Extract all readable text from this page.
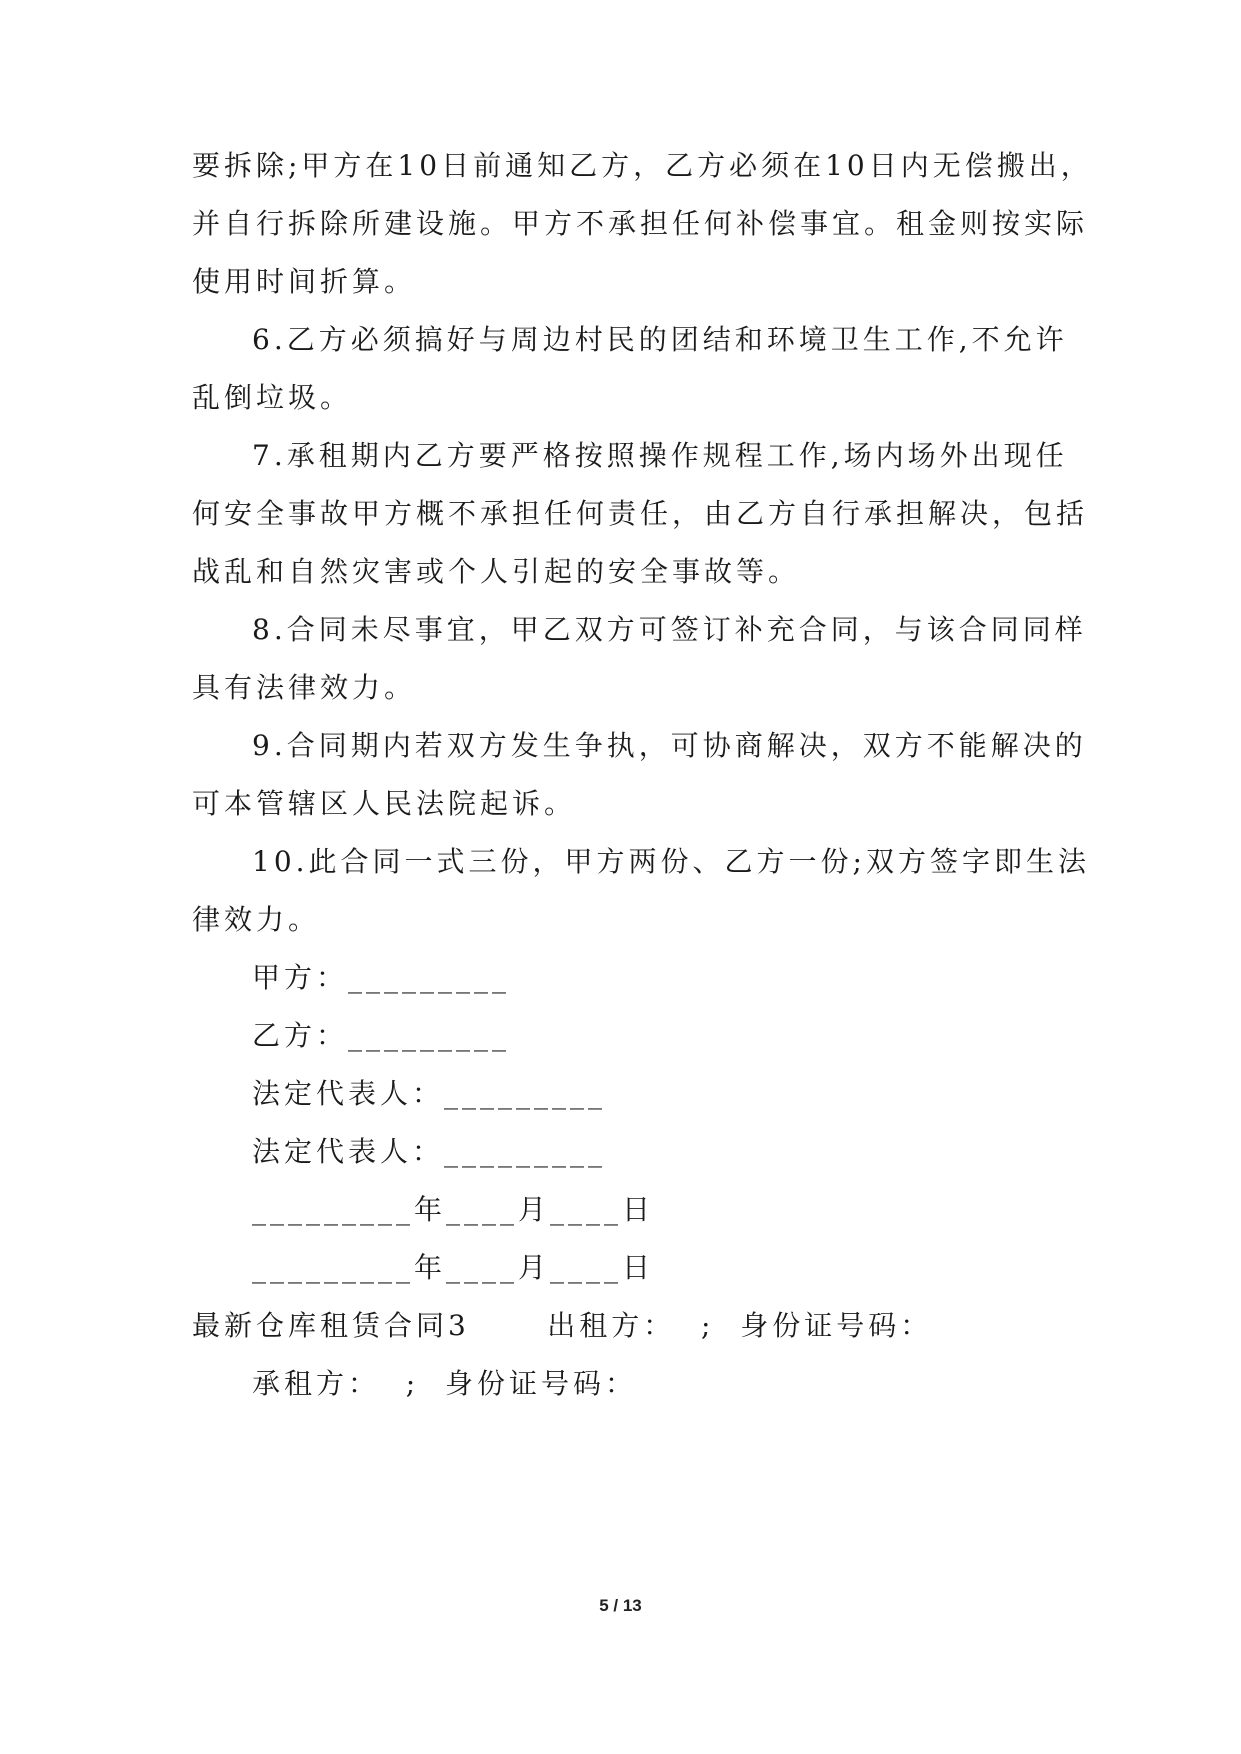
要拆除;甲方在10日前通知乙方，乙方必须在10日内无偿搬出，
并自行拆除所建设施。甲方不承担任何补偿事宜。租金则按实际
使用时间折算。
6.乙方必须搞好与周边村民的团结和环境卫生工作,不允许
乱倒垃圾。
7.承租期内乙方要严格按照操作规程工作,场内场外出现任
何安全事故甲方概不承担任何责任，由乙方自行承担解决，包括
战乱和自然灾害或个人引起的安全事故等。
8.合同未尽事宜，甲乙双方可签订补充合同，与该合同同样
具有法律效力。
9.合同期内若双方发生争执，可协商解决，双方不能解决的
可本管辖区人民法院起诉。
10.此合同一式三份，甲方两份、乙方一份;双方签字即生法
律效力。
甲方：_________
乙方：_________
法定代表人：_________
法定代表人：_________
_________年____月____日
_________年____月____日
最新仓库租赁合同3      出租方：  ;  身份证号码：
承租方：  ;  身份证号码：
5 / 13
